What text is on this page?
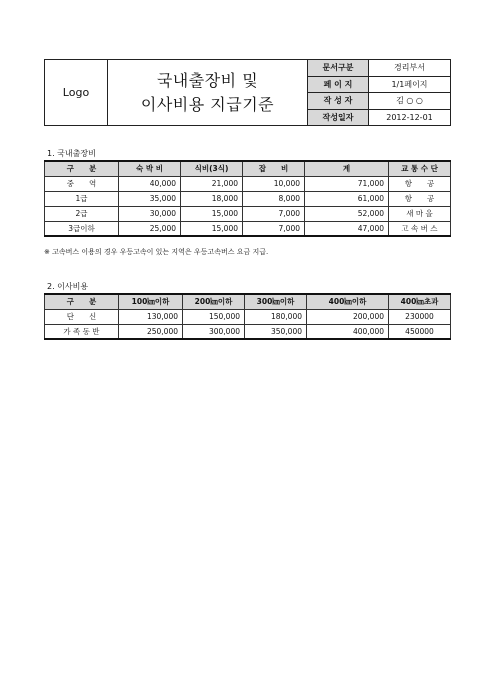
Logo
국내출장비 및
이사비용 지급기준
문서구분	경리부서
페 이 지	1/1페이지
작 성 자	김 ○ ○
작성일자	2012-12-01
1. 국내출장비
구　　분	숙 박 비	식비(3식)	잡　　비	계	교 통 수 단
중　　역	40,000	21,000	10,000	71,000	항　　공
1급	35,000	18,000	8,000	61,000	항　　공
2급	30,000	15,000	7,000	52,000	새 마 을
3급이하	25,000	15,000	7,000	47,000	고 속 버 스
※ 고속버스 이용의 경우 우등고속이 있는 지역은 우등고속버스 요금 지급.
2. 이사비용
구　　분	100㎞이하	200㎞이하	300㎞이하	400㎞이하	400㎞초과
단　　신	130,000	150,000	180,000	200,000	230000
가 족 동 반	250,000	300,000	350,000	400,000	450000
